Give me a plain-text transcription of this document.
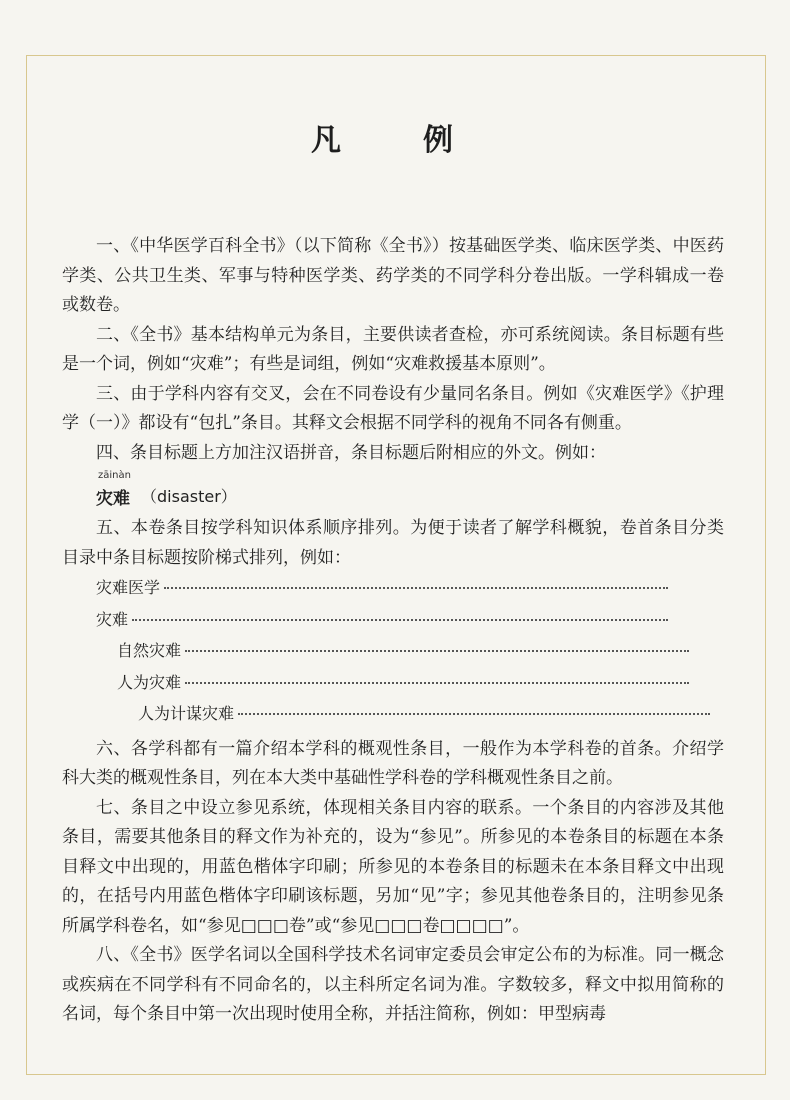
凡　例

一、《中华医学百科全书》（以下简称《全书》）按基础医学类、临床医学类、中医药学类、公共卫生类、军事与特种医学类、药学类的不同学科分卷出版。一学科辑成一卷或数卷。

二、《全书》基本结构单元为条目，主要供读者查检，亦可系统阅读。条目标题有些是一个词，例如“灾难”；有些是词组，例如“灾难救援基本原则”。

三、由于学科内容有交叉，会在不同卷设有少量同名条目。例如《灾难医学》《护理学（一）》都设有“包扎”条目。其释文会根据不同学科的视角不同各有侧重。

四、条目标题上方加注汉语拼音，条目标题后附相应的外文。例如：

zāinàn
灾难 （disaster）

五、本卷条目按学科知识体系顺序排列。为便于读者了解学科概貌，卷首条目分类目录中条目标题按阶梯式排列，例如：

灾难医学
灾难
自然灾难
人为灾难
人为计谋灾难

六、各学科都有一篇介绍本学科的概观性条目，一般作为本学科卷的首条。介绍学科大类的概观性条目，列在本大类中基础性学科卷的学科概观性条目之前。

七、条目之中设立参见系统，体现相关条目内容的联系。一个条目的内容涉及其他条目，需要其他条目的释文作为补充的，设为“参见”。所参见的本卷条目的标题在本条目释文中出现的，用蓝色楷体字印刷；所参见的本卷条目的标题未在本条目释文中出现的，在括号内用蓝色楷体字印刷该标题，另加“见”字；参见其他卷条目的，注明参见条所属学科卷名，如“参见□□□卷”或“参见□□□卷□□□□”。

八、《全书》医学名词以全国科学技术名词审定委员会审定公布的为标准。同一概念或疾病在不同学科有不同命名的，以主科所定名词为准。字数较多，释文中拟用简称的名词，每个条目中第一次出现时使用全称，并括注简称，例如：甲型病毒
